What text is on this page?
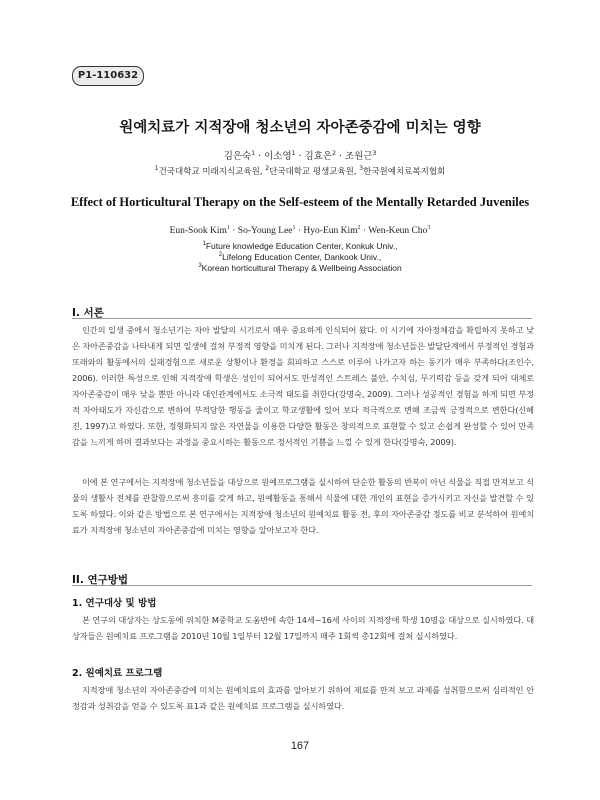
P1-110632
원예치료가 지적장애 청소년의 자아존중감에 미치는 영향
김은숙$^1$ · 이소영$^1$ · 김효은$^2$ · 조원근$^3$
$^1$건국대학교 미래지식교육원, $^2$단국대학교 평생교육원, $^3$한국원예치료복지협회
Effect of Horticultural Therapy on the Self-esteem of the Mentally Retarded Juveniles
Eun-Sook Kim$^1$ · So-Young Lee$^1$ · Hyo-Eun Kim$^2$ · Wen-Keun Cho$^3$
$^1$Future knowledge Education Center, Konkuk Univ.,
$^2$Lifelong Education Center, Dankook Univ.,
$^3$Korean horticultural Therapy & Wellbeing Association
I. 서론

인간의 일생 중에서 청소년기는 자아 발달의 시기로서 매우 중요하게 인식되어 왔다. 이 시기에 자아정체감을 확립하지 못하고 낮은 자아존중감을 나타내게 되면 일생에 걸쳐 부정적 영향을 미치게 된다. 그러나 지적장애 청소년들은 발달단계에서 부정적인 경험과 또래와의 활동에서의 실패경험으로 새로운 상황이나 환경을 회피하고 스스로 이루어 나가고자 하는 동기가 매우 부족하다(조인수, 2006). 이러한 특성으로 인해 지적장애 학생은 성인이 되어서도 만성적인 스트레스 불안, 수치심, 무기력감 등을 갖게 되어 대체로 자아존중감이 매우 낮을 뿐만 아니라 대인관계에서도 소극적 태도를 취한다(강명숙, 2009). 그러나 성공적인 경험을 하게 되면 부정적 자아태도가 자신감으로 변하여 부적당한 행동을 줄이고 학교생활에 있어 보다 적극적으로 변해 조금씩 긍정적으로 변한다(신혜진, 1997)고 하였다. 또한, 정형화되지 않은 자연물을 이용한 다양한 활동은 창의적으로 표현할 수 있고 손쉽게 완성할 수 있어 만족감을 느끼게 하며 결과보다는 과정을 중요시하는 활동으로 정서적인 기쁨을 느낄 수 있게 한다(강명숙, 2009).

이에 본 연구에서는 지적장애 청소년들을 대상으로 원예프로그램을 실시하여 단순한 활동의 반복이 아닌 식물을 직접 만져보고 식물의 생활사 전체를 관찰함으로써 흥미를 갖게 하고, 원예활동을 통해서 식물에 대한 개인의 표현을 증가시키고 자신을 발견할 수 있도록 하였다. 이와 같은 방법으로 본 연구에서는 지적장애 청소년의 원예치료 활동 전, 후의 자아존중감 정도를 비교 분석하여 원예치료가 지적장애 청소년의 자아존중감에 미치는 영향을 알아보고자 한다.

II. 연구방법
1. 연구대상 및 방법

본 연구의 대상자는 상도동에 위치한 M중학교 도움반에 속한 14세~16세 사이의 지적장애 학생 10명을 대상으로 실시하였다. 대상자들은 원예치료 프로그램을 2010년 10월 1일부터 12월 17일까지 매주 1회씩 총12회에 걸쳐 실시하였다.

2. 원예치료 프로그램

지적장애 청소년의 자아존중감에 미치는 원예치료의 효과를 알아보기 위하여 재료를 만져 보고 과제를 성취함으로써 심리적인 안정감과 성취감을 얻을 수 있도록 표1과 같은 원예치료 프로그램을 실시하였다.

167
